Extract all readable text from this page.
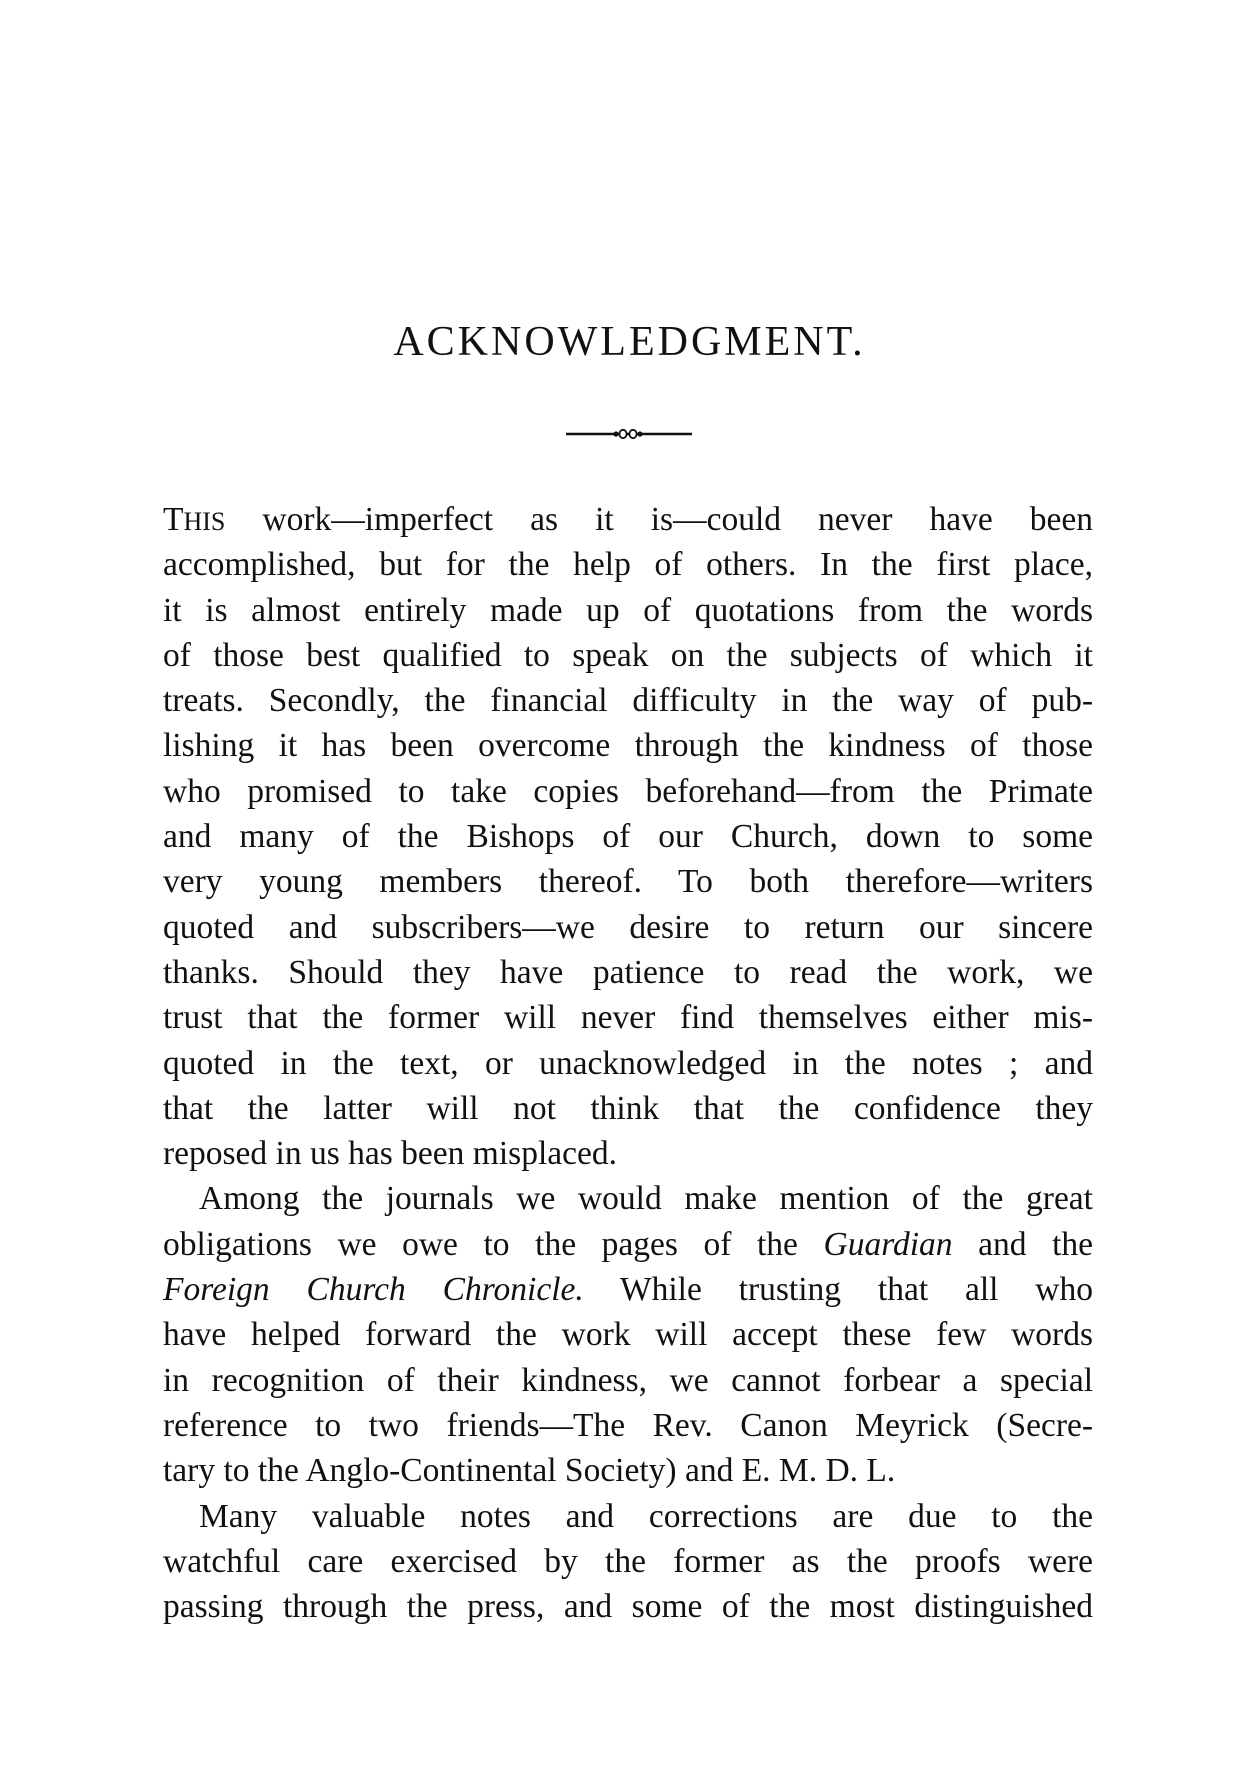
ACKNOWLEDGMENT.
THIS work—imperfect as it is—could never have been
accomplished, but for the help of others. In the first place,
it is almost entirely made up of quotations from the words
of those best qualified to speak on the subjects of which it
treats. Secondly, the financial difficulty in the way of pub-
lishing it has been overcome through the kindness of those
who promised to take copies beforehand—from the Primate
and many of the Bishops of our Church, down to some
very young members thereof. To both therefore—writers
quoted and subscribers—we desire to return our sincere
thanks. Should they have patience to read the work, we
trust that the former will never find themselves either mis-
quoted in the text, or unacknowledged in the notes ; and
that the latter will not think that the confidence they
reposed in us has been misplaced.
Among the journals we would make mention of the great
obligations we owe to the pages of the Guardian and the
Foreign Church Chronicle. While trusting that all who
have helped forward the work will accept these few words
in recognition of their kindness, we cannot forbear a special
reference to two friends—The Rev. Canon Meyrick (Secre-
tary to the Anglo-Continental Society) and E. M. D. L.
Many valuable notes and corrections are due to the
watchful care exercised by the former as the proofs were
passing through the press, and some of the most distinguished
